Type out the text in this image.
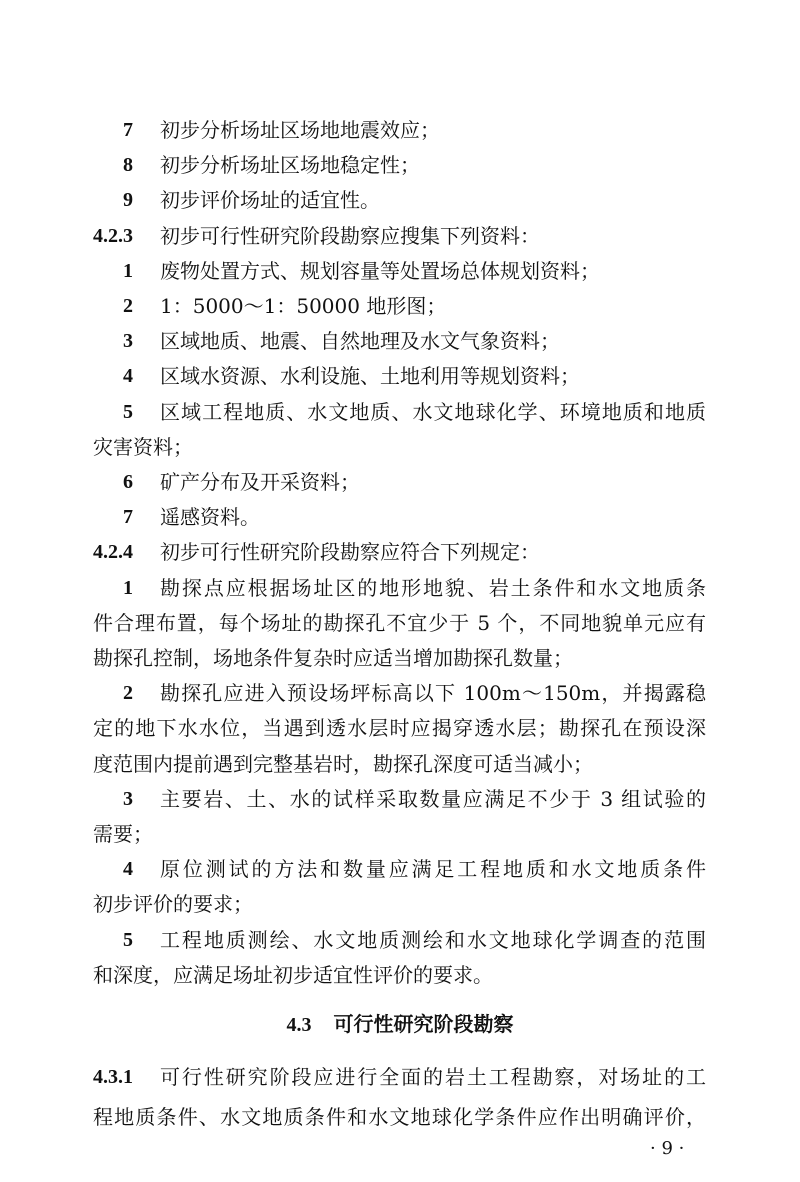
7 初步分析场址区场地地震效应；
8 初步分析场址区场地稳定性；
9 初步评价场址的适宜性。
4.2.3 初步可行性研究阶段勘察应搜集下列资料：
1 废物处置方式、规划容量等处置场总体规划资料；
2 1：5000～1：50000 地形图；
3 区域地质、地震、自然地理及水文气象资料；
4 区域水资源、水利设施、土地利用等规划资料；
5 区域工程地质、水文地质、水文地球化学、环境地质和地质
灾害资料；
6 矿产分布及开采资料；
7 遥感资料。
4.2.4 初步可行性研究阶段勘察应符合下列规定：
1 勘探点应根据场址区的地形地貌、岩土条件和水文地质条
件合理布置，每个场址的勘探孔不宜少于 5 个，不同地貌单元应有
勘探孔控制，场地条件复杂时应适当增加勘探孔数量；
2 勘探孔应进入预设场坪标高以下 100m～150m，并揭露稳
定的地下水水位，当遇到透水层时应揭穿透水层；勘探孔在预设深
度范围内提前遇到完整基岩时，勘探孔深度可适当减小；
3 主要岩、土、水的试样采取数量应满足不少于 3 组试验的
需要；
4 原位测试的方法和数量应满足工程地质和水文地质条件
初步评价的要求；
5 工程地质测绘、水文地质测绘和水文地球化学调查的范围
和深度，应满足场址初步适宜性评价的要求。
4.3 可行性研究阶段勘察
4.3.1 可行性研究阶段应进行全面的岩土工程勘察，对场址的工
程地质条件、水文地质条件和水文地球化学条件应作出明确评价，
· 9 ·
